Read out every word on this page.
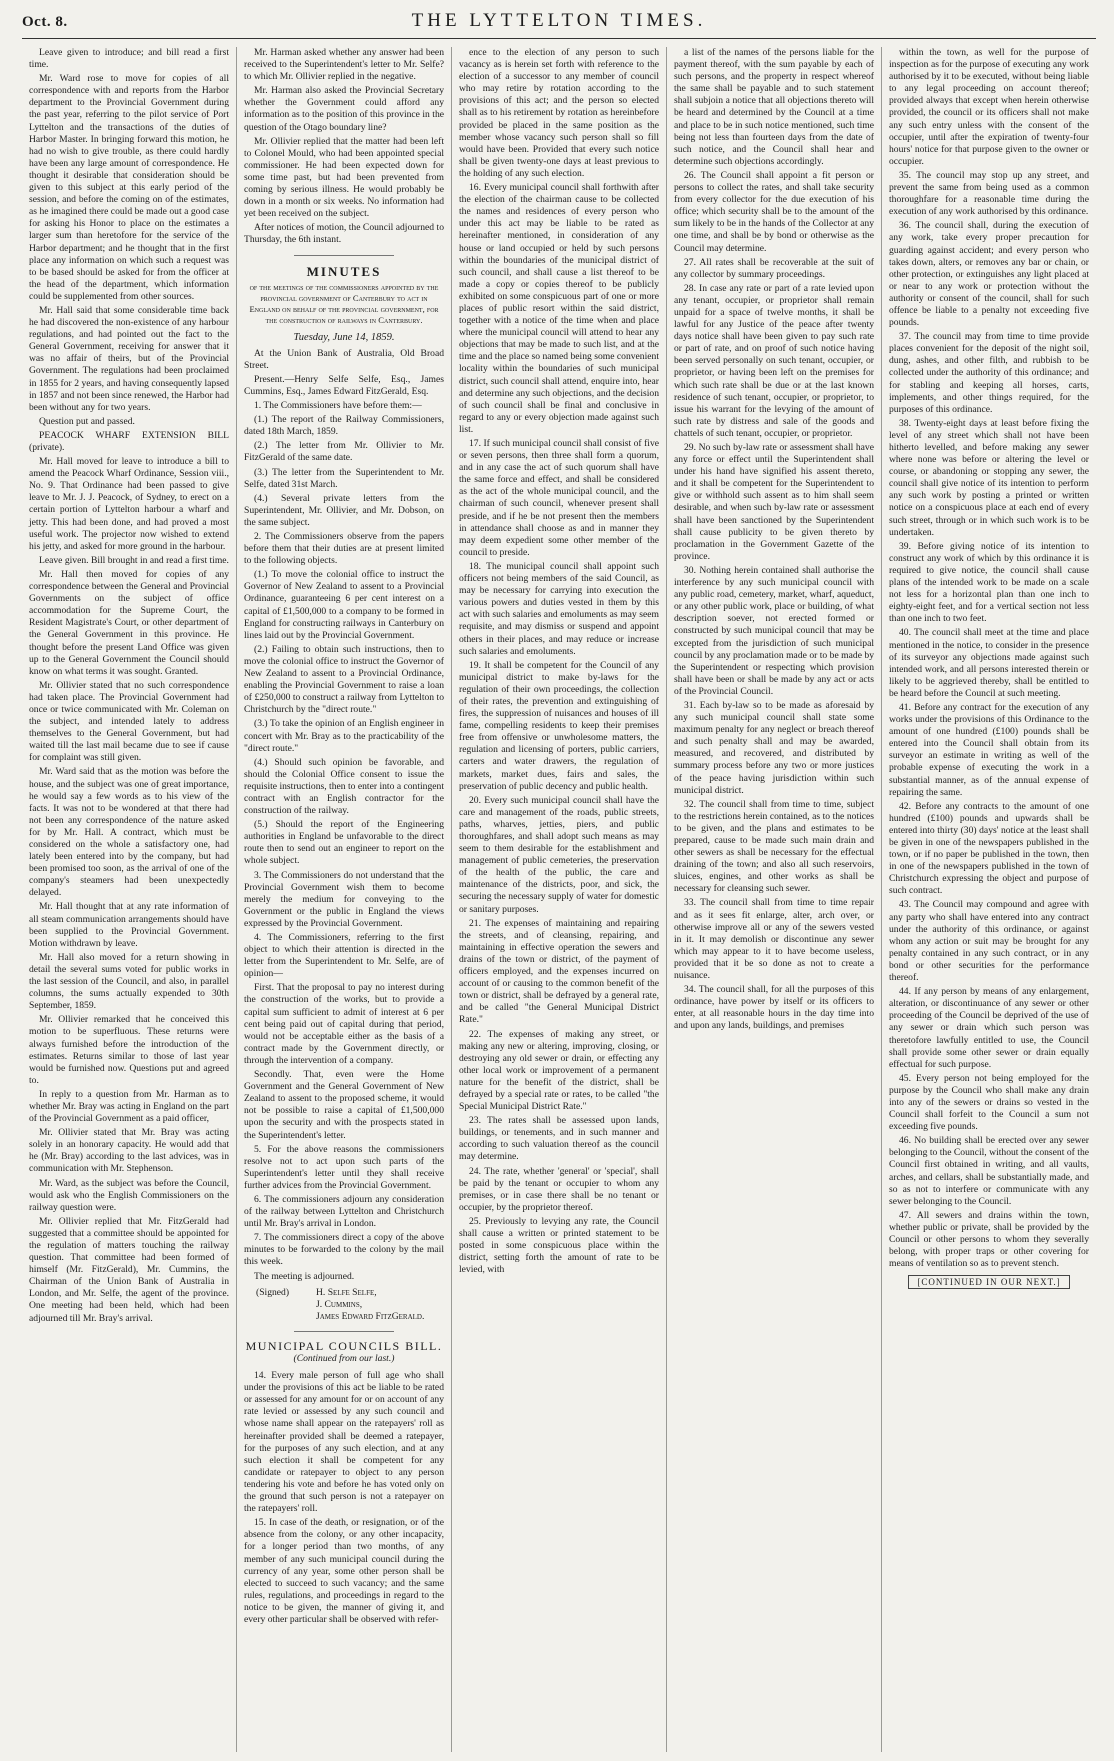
Oct. 8.	THE LYTTELTON TIMES.

Leave given to introduce; and bill read a first time.

Mr. Ward rose to move for copies of all correspondence with and reports from the Harbor department to the Provincial Government during the past year, referring to the pilot service of Port Lyttelton and the transactions of the duties of Harbor Master. In bringing forward this motion, he had no wish to give trouble, as there could hardly have been any large amount of correspondence. He thought it desirable that consideration should be given to this subject at this early period of the session, and before the coming on of the estimates, as he imagined there could be made out a good case for asking his Honor to place on the estimates a larger sum than heretofore for the service of the Harbor department; and he thought that in the first place any information on which such a request was to be based should be asked for from the officer at the head of the department, which information could be supplemented from other sources.

Mr. Hall said that some considerable time back he had discovered the non-existence of any harbour regulations, and had pointed out the fact to the General Government, receiving for answer that it was no affair of theirs, but of the Provincial Government. The regulations had been proclaimed in 1855 for 2 years, and having consequently lapsed in 1857 and not been since renewed, the Harbor had been without any for two years.

Question put and passed.

PEACOCK WHARF EXTENSION BILL (private).

Mr. Hall moved for leave to introduce a bill to amend the Peacock Wharf Ordinance, Session viii., No. 9. That Ordinance had been passed to give leave to Mr. J. J. Peacock, of Sydney, to erect on a certain portion of Lyttelton harbour a wharf and jetty. This had been done, and had proved a most useful work. The projector now wished to extend his jetty, and asked for more ground in the harbour.

Leave given. Bill brought in and read a first time.

Mr. Hall then moved for copies of any correspondence between the General and Provincial Governments on the subject of office accommodation for the Supreme Court, the Resident Magistrate's Court, or other department of the General Government in this province. He thought before the present Land Office was given up to the General Government the Council should know on what terms it was sought. Granted.

Mr. Ollivier stated that no such correspondence had taken place. The Provincial Government had once or twice communicated with Mr. Coleman on the subject, and intended lately to address themselves to the General Government, but had waited till the last mail became due to see if cause for complaint was still given.

Mr. Ward said that as the motion was before the house, and the subject was one of great importance, he would say a few words as to his view of the facts. It was not to be wondered at that there had not been any correspondence of the nature asked for by Mr. Hall. A contract, which must be considered on the whole a satisfactory one, had lately been entered into by the company, but had been promised too soon, as the arrival of one of the company's steamers had been unexpectedly delayed.

Mr. Hall thought that at any rate information of all steam communication arrangements should have been supplied to the Provincial Government. Motion withdrawn by leave.

Mr. Hall also moved for a return showing in detail the several sums voted for public works in the last session of the Council, and also, in parallel columns, the sums actually expended to 30th September, 1859.

Mr. Ollivier remarked that he conceived this motion to be superfluous. These returns were always furnished before the introduction of the estimates. Returns similar to those of last year would be furnished now. Questions put and agreed to.

In reply to a question from Mr. Harman as to whether Mr. Bray was acting in England on the part of the Provincial Government as a paid officer,

Mr. Ollivier stated that Mr. Bray was acting solely in an honorary capacity. He would add that he (Mr. Bray) according to the last advices, was in communication with Mr. Stephenson.

Mr. Ward, as the subject was before the Council, would ask who the English Commissioners on the railway question were.

Mr. Ollivier replied that Mr. FitzGerald had suggested that a committee should be appointed for the regulation of matters touching the railway question. That committee had been formed of himself (Mr. FitzGerald), Mr. Cummins, the Chairman of the Union Bank of Australia in London, and Mr. Selfe, the agent of the province. One meeting had been held, which had been adjourned till Mr. Bray's arrival.

Mr. Harman asked whether any answer had been received to the Superintendent's letter to Mr. Selfe? to which Mr. Ollivier replied in the negative.

Mr. Harman also asked the Provincial Secretary whether the Government could afford any information as to the position of this province in the question of the Otago boundary line?

Mr. Ollivier replied that the matter had been left to Colonel Mould, who had been appointed special commissioner. He had been expected down for some time past, but had been prevented from coming by serious illness. He would probably be down in a month or six weeks. No information had yet been received on the subject.

After notices of motion, the Council adjourned to Thursday, the 6th instant.

MINUTES
of the meetings of the commissioners appointed by the provincial government of Canterbury to act in England on behalf of the provincial government, for the construction of railways in Canterbury.
Tuesday, June 14, 1859.

At the Union Bank of Australia, Old Broad Street.

Present.—Henry Selfe Selfe, Esq., James Cummins, Esq., James Edward FitzGerald, Esq.

1. The Commissioners have before them:—

(1.) The report of the Railway Commissioners, dated 18th March, 1859.

(2.) The letter from Mr. Ollivier to Mr. FitzGerald of the same date.

(3.) The letter from the Superintendent to Mr. Selfe, dated 31st March.

(4.) Several private letters from the Superintendent, Mr. Ollivier, and Mr. Dobson, on the same subject.

2. The Commissioners observe from the papers before them that their duties are at present limited to the following objects.

(1.) To move the colonial office to instruct the Governor of New Zealand to assent to a Provincial Ordinance, guaranteeing 6 per cent interest on a capital of £1,500,000 to a company to be formed in England for constructing railways in Canterbury on lines laid out by the Provincial Government.

(2.) Failing to obtain such instructions, then to move the colonial office to instruct the Governor of New Zealand to assent to a Provincial Ordinance, enabling the Provincial Government to raise a loan of £250,000 to construct a railway from Lyttelton to Christchurch by the "direct route."

(3.) To take the opinion of an English engineer in concert with Mr. Bray as to the practicability of the "direct route."

(4.) Should such opinion be favorable, and should the Colonial Office consent to issue the requisite instructions, then to enter into a contingent contract with an English contractor for the construction of the railway.

(5.) Should the report of the Engineering authorities in England be unfavorable to the direct route then to send out an engineer to report on the whole subject.

3. The Commissioners do not understand that the Provincial Government wish them to become merely the medium for conveying to the Government or the public in England the views expressed by the Provincial Government.

4. The Commissioners, referring to the first object to which their attention is directed in the letter from the Superintendent to Mr. Selfe, are of opinion—

First. That the proposal to pay no interest during the construction of the works, but to provide a capital sum sufficient to admit of interest at 6 per cent being paid out of capital during that period, would not be acceptable either as the basis of a contract made by the Government directly, or through the intervention of a company.

Secondly. That, even were the Home Government and the General Government of New Zealand to assent to the proposed scheme, it would not be possible to raise a capital of £1,500,000 upon the security and with the prospects stated in the Superintendent's letter.

5. For the above reasons the commissioners resolve not to act upon such parts of the Superintendent's letter until they shall receive further advices from the Provincial Government.

6. The commissioners adjourn any consideration of the railway between Lyttelton and Christchurch until Mr. Bray's arrival in London.

7. The commissioners direct a copy of the above minutes to be forwarded to the colony by the mail this week.

The meeting is adjourned.

(Signed)	H. Selfe Selfe,
J. Cummins,
James Edward FitzGerald.
MUNICIPAL COUNCILS BILL.
(Continued from our last.)

14. Every male person of full age who shall under the provisions of this act be liable to be rated or assessed for any amount for or on account of any rate levied or assessed by any such council and whose name shall appear on the ratepayers' roll as hereinafter provided shall be deemed a ratepayer, for the purposes of any such election, and at any such election it shall be competent for any candidate or ratepayer to object to any person tendering his vote and before he has voted only on the ground that such person is not a ratepayer on the ratepayers' roll.

15. In case of the death, or resignation, or of the absence from the colony, or any other incapacity, for a longer period than two months, of any member of any such municipal council during the currency of any year, some other person shall be elected to succeed to such vacancy; and the same rules, regulations, and proceedings in regard to the notice to be given, the manner of giving it, and every other particular shall be observed with refer-

ence to the election of any person to such vacancy as is herein set forth with reference to the election of a successor to any member of council who may retire by rotation according to the provisions of this act; and the person so elected shall as to his retirement by rotation as hereinbefore provided be placed in the same position as the member whose vacancy such person shall so fill would have been. Provided that every such notice shall be given twenty-one days at least previous to the holding of any such election.

16. Every municipal council shall forthwith after the election of the chairman cause to be collected the names and residences of every person who under this act may be liable to be rated as hereinafter mentioned, in consideration of any house or land occupied or held by such persons within the boundaries of the municipal district of such council, and shall cause a list thereof to be made a copy or copies thereof to be publicly exhibited on some conspicuous part of one or more places of public resort within the said district, together with a notice of the time when and place where the municipal council will attend to hear any objections that may be made to such list, and at the time and the place so named being some convenient locality within the boundaries of such municipal district, such council shall attend, enquire into, hear and determine any such objections, and the decision of such council shall be final and conclusive in regard to any or every objection made against such list.

17. If such municipal council shall consist of five or seven persons, then three shall form a quorum, and in any case the act of such quorum shall have the same force and effect, and shall be considered as the act of the whole municipal council, and the chairman of such council, whenever present shall preside, and if he be not present then the members in attendance shall choose as and in manner they may deem expedient some other member of the council to preside.

18. The municipal council shall appoint such officers not being members of the said Council, as may be necessary for carrying into execution the various powers and duties vested in them by this act with such salaries and emoluments as may seem requisite, and may dismiss or suspend and appoint others in their places, and may reduce or increase such salaries and emoluments.

19. It shall be competent for the Council of any municipal district to make by-laws for the regulation of their own proceedings, the collection of their rates, the prevention and extinguishing of fires, the suppression of nuisances and houses of ill fame, compelling residents to keep their premises free from offensive or unwholesome matters, the regulation and licensing of porters, public carriers, carters and water drawers, the regulation of markets, market dues, fairs and sales, the preservation of public decency and public health.

20. Every such municipal council shall have the care and management of the roads, public streets, paths, wharves, jetties, piers, and public thoroughfares, and shall adopt such means as may seem to them desirable for the establishment and management of public cemeteries, the preservation of the health of the public, the care and maintenance of the districts, poor, and sick, the securing the necessary supply of water for domestic or sanitary purposes.

21. The expenses of maintaining and repairing the streets, and of cleansing, repairing, and maintaining in effective operation the sewers and drains of the town or district, of the payment of officers employed, and the expenses incurred on account of or causing to the common benefit of the town or district, shall be defrayed by a general rate, and be called "the General Municipal District Rate."

22. The expenses of making any street, or making any new or altering, improving, closing, or destroying any old sewer or drain, or effecting any other local work or improvement of a permanent nature for the benefit of the district, shall be defrayed by a special rate or rates, to be called "the Special Municipal District Rate."

23. The rates shall be assessed upon lands, buildings, or tenements, and in such manner and according to such valuation thereof as the council may determine.

24. The rate, whether 'general' or 'special', shall be paid by the tenant or occupier to whom any premises, or in case there shall be no tenant or occupier, by the proprietor thereof.

25. Previously to levying any rate, the Council shall cause a written or printed statement to be posted in some conspicuous place within the district, setting forth the amount of rate to be levied, with

a list of the names of the persons liable for the payment thereof, with the sum payable by each of such persons, and the property in respect whereof the same shall be payable and to such statement shall subjoin a notice that all objections thereto will be heard and determined by the Council at a time and place to be in such notice mentioned, such time being not less than fourteen days from the date of such notice, and the Council shall hear and determine such objections accordingly.

26. The Council shall appoint a fit person or persons to collect the rates, and shall take security from every collector for the due execution of his office; which security shall be to the amount of the sum likely to be in the hands of the Collector at any one time, and shall be by bond or otherwise as the Council may determine.

27. All rates shall be recoverable at the suit of any collector by summary proceedings.

28. In case any rate or part of a rate levied upon any tenant, occupier, or proprietor shall remain unpaid for a space of twelve months, it shall be lawful for any Justice of the peace after twenty days notice shall have been given to pay such rate or part of rate, and on proof of such notice having been served personally on such tenant, occupier, or proprietor, or having been left on the premises for which such rate shall be due or at the last known residence of such tenant, occupier, or proprietor, to issue his warrant for the levying of the amount of such rate by distress and sale of the goods and chattels of such tenant, occupier, or proprietor.

29. No such by-law rate or assessment shall have any force or effect until the Superintendent shall under his hand have signified his assent thereto, and it shall be competent for the Superintendent to give or withhold such assent as to him shall seem desirable, and when such by-law rate or assessment shall have been sanctioned by the Superintendent shall cause publicity to be given thereto by proclamation in the Government Gazette of the province.

30. Nothing herein contained shall authorise the interference by any such municipal council with any public road, cemetery, market, wharf, aqueduct, or any other public work, place or building, of what description soever, not erected formed or constructed by such municipal council that may be excepted from the jurisdiction of such municipal council by any proclamation made or to be made by the Superintendent or respecting which provision shall have been or shall be made by any act or acts of the Provincial Council.

31. Each by-law so to be made as aforesaid by any such municipal council shall state some maximum penalty for any neglect or breach thereof and such penalty shall and may be awarded, measured, and recovered, and distributed by summary process before any two or more justices of the peace having jurisdiction within such municipal district.

32. The council shall from time to time, subject to the restrictions herein contained, as to the notices to be given, and the plans and estimates to be prepared, cause to be made such main drain and other sewers as shall be necessary for the effectual draining of the town; and also all such reservoirs, sluices, engines, and other works as shall be necessary for cleansing such sewer.

33. The council shall from time to time repair and as it sees fit enlarge, alter, arch over, or otherwise improve all or any of the sewers vested in it. It may demolish or discontinue any sewer which may appear to it to have become useless, provided that it be so done as not to create a nuisance.

34. The council shall, for all the purposes of this ordinance, have power by itself or its officers to enter, at all reasonable hours in the day time into and upon any lands, buildings, and premises

within the town, as well for the purpose of inspection as for the purpose of executing any work authorised by it to be executed, without being liable to any legal proceeding on account thereof; provided always that except when herein otherwise provided, the council or its officers shall not make any such entry unless with the consent of the occupier, until after the expiration of twenty-four hours' notice for that purpose given to the owner or occupier.

35. The council may stop up any street, and prevent the same from being used as a common thoroughfare for a reasonable time during the execution of any work authorised by this ordinance.

36. The council shall, during the execution of any work, take every proper precaution for guarding against accident; and every person who takes down, alters, or removes any bar or chain, or other protection, or extinguishes any light placed at or near to any work or protection without the authority or consent of the council, shall for such offence be liable to a penalty not exceeding five pounds.

37. The council may from time to time provide places convenient for the deposit of the night soil, dung, ashes, and other filth, and rubbish to be collected under the authority of this ordinance; and for stabling and keeping all horses, carts, implements, and other things required, for the purposes of this ordinance.

38. Twenty-eight days at least before fixing the level of any street which shall not have been hitherto levelled, and before making any sewer where none was before or altering the level or course, or abandoning or stopping any sewer, the council shall give notice of its intention to perform any such work by posting a printed or written notice on a conspicuous place at each end of every such street, through or in which such work is to be undertaken.

39. Before giving notice of its intention to construct any work of which by this ordinance it is required to give notice, the council shall cause plans of the intended work to be made on a scale not less for a horizontal plan than one inch to eighty-eight feet, and for a vertical section not less than one inch to two feet.

40. The council shall meet at the time and place mentioned in the notice, to consider in the presence of its surveyor any objections made against such intended work, and all persons interested therein or likely to be aggrieved thereby, shall be entitled to be heard before the Council at such meeting.

41. Before any contract for the execution of any works under the provisions of this Ordinance to the amount of one hundred (£100) pounds shall be entered into the Council shall obtain from its surveyor an estimate in writing as well of the probable expense of executing the work in a substantial manner, as of the annual expense of repairing the same.

42. Before any contracts to the amount of one hundred (£100) pounds and upwards shall be entered into thirty (30) days' notice at the least shall be given in one of the newspapers published in the town, or if no paper be published in the town, then in one of the newspapers published in the town of Christchurch expressing the object and purpose of such contract.

43. The Council may compound and agree with any party who shall have entered into any contract under the authority of this ordinance, or against whom any action or suit may be brought for any penalty contained in any such contract, or in any bond or other securities for the performance thereof.

44. If any person by means of any enlargement, alteration, or discontinuance of any sewer or other proceeding of the Council be deprived of the use of any sewer or drain which such person was theretofore lawfully entitled to use, the Council shall provide some other sewer or drain equally effectual for such purpose.

45. Every person not being employed for the purpose by the Council who shall make any drain into any of the sewers or drains so vested in the Council shall forfeit to the Council a sum not exceeding five pounds.

46. No building shall be erected over any sewer belonging to the Council, without the consent of the Council first obtained in writing, and all vaults, arches, and cellars, shall be substantially made, and so as not to interfere or communicate with any sewer belonging to the Council.

47. All sewers and drains within the town, whether public or private, shall be provided by the Council or other persons to whom they severally belong, with proper traps or other covering for means of ventilation so as to prevent stench.

[CONTINUED IN OUR NEXT.]
